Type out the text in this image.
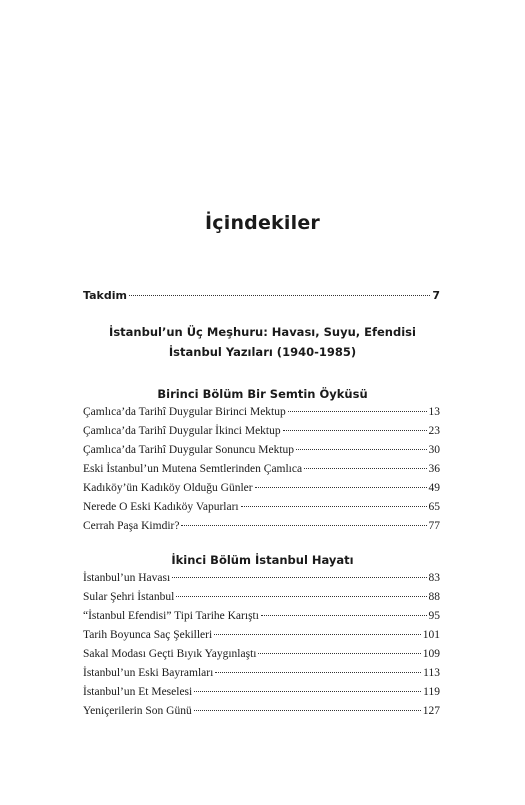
İçindekiler
Takdim	7
İstanbul’un Üç Meşhuru: Havası, Suyu, Efendisi
İstanbul Yazıları (1940-1985)
Birinci Bölüm Bir Semtin Öyküsü
Çamlıca’da Tarihî Duygular Birinci Mektup	13
Çamlıca’da Tarihî Duygular İkinci Mektup	23
Çamlıca’da Tarihî Duygular Sonuncu Mektup	30
Eski İstanbul’un Mutena Semtlerinden Çamlıca	36
Kadıköy’ün Kadıköy Olduğu Günler	49
Nerede O Eski Kadıköy Vapurları	65
Cerrah Paşa Kimdir?	77
İkinci Bölüm İstanbul Hayatı
İstanbul’un Havası	83
Sular Şehri İstanbul	88
“İstanbul Efendisi” Tipi Tarihe Karıştı	95
Tarih Boyunca Saç Şekilleri	101
Sakal Modası Geçti Bıyık Yaygınlaştı	109
İstanbul’un Eski Bayramları	113
İstanbul’un Et Meselesi	119
Yeniçerilerin Son Günü	127
